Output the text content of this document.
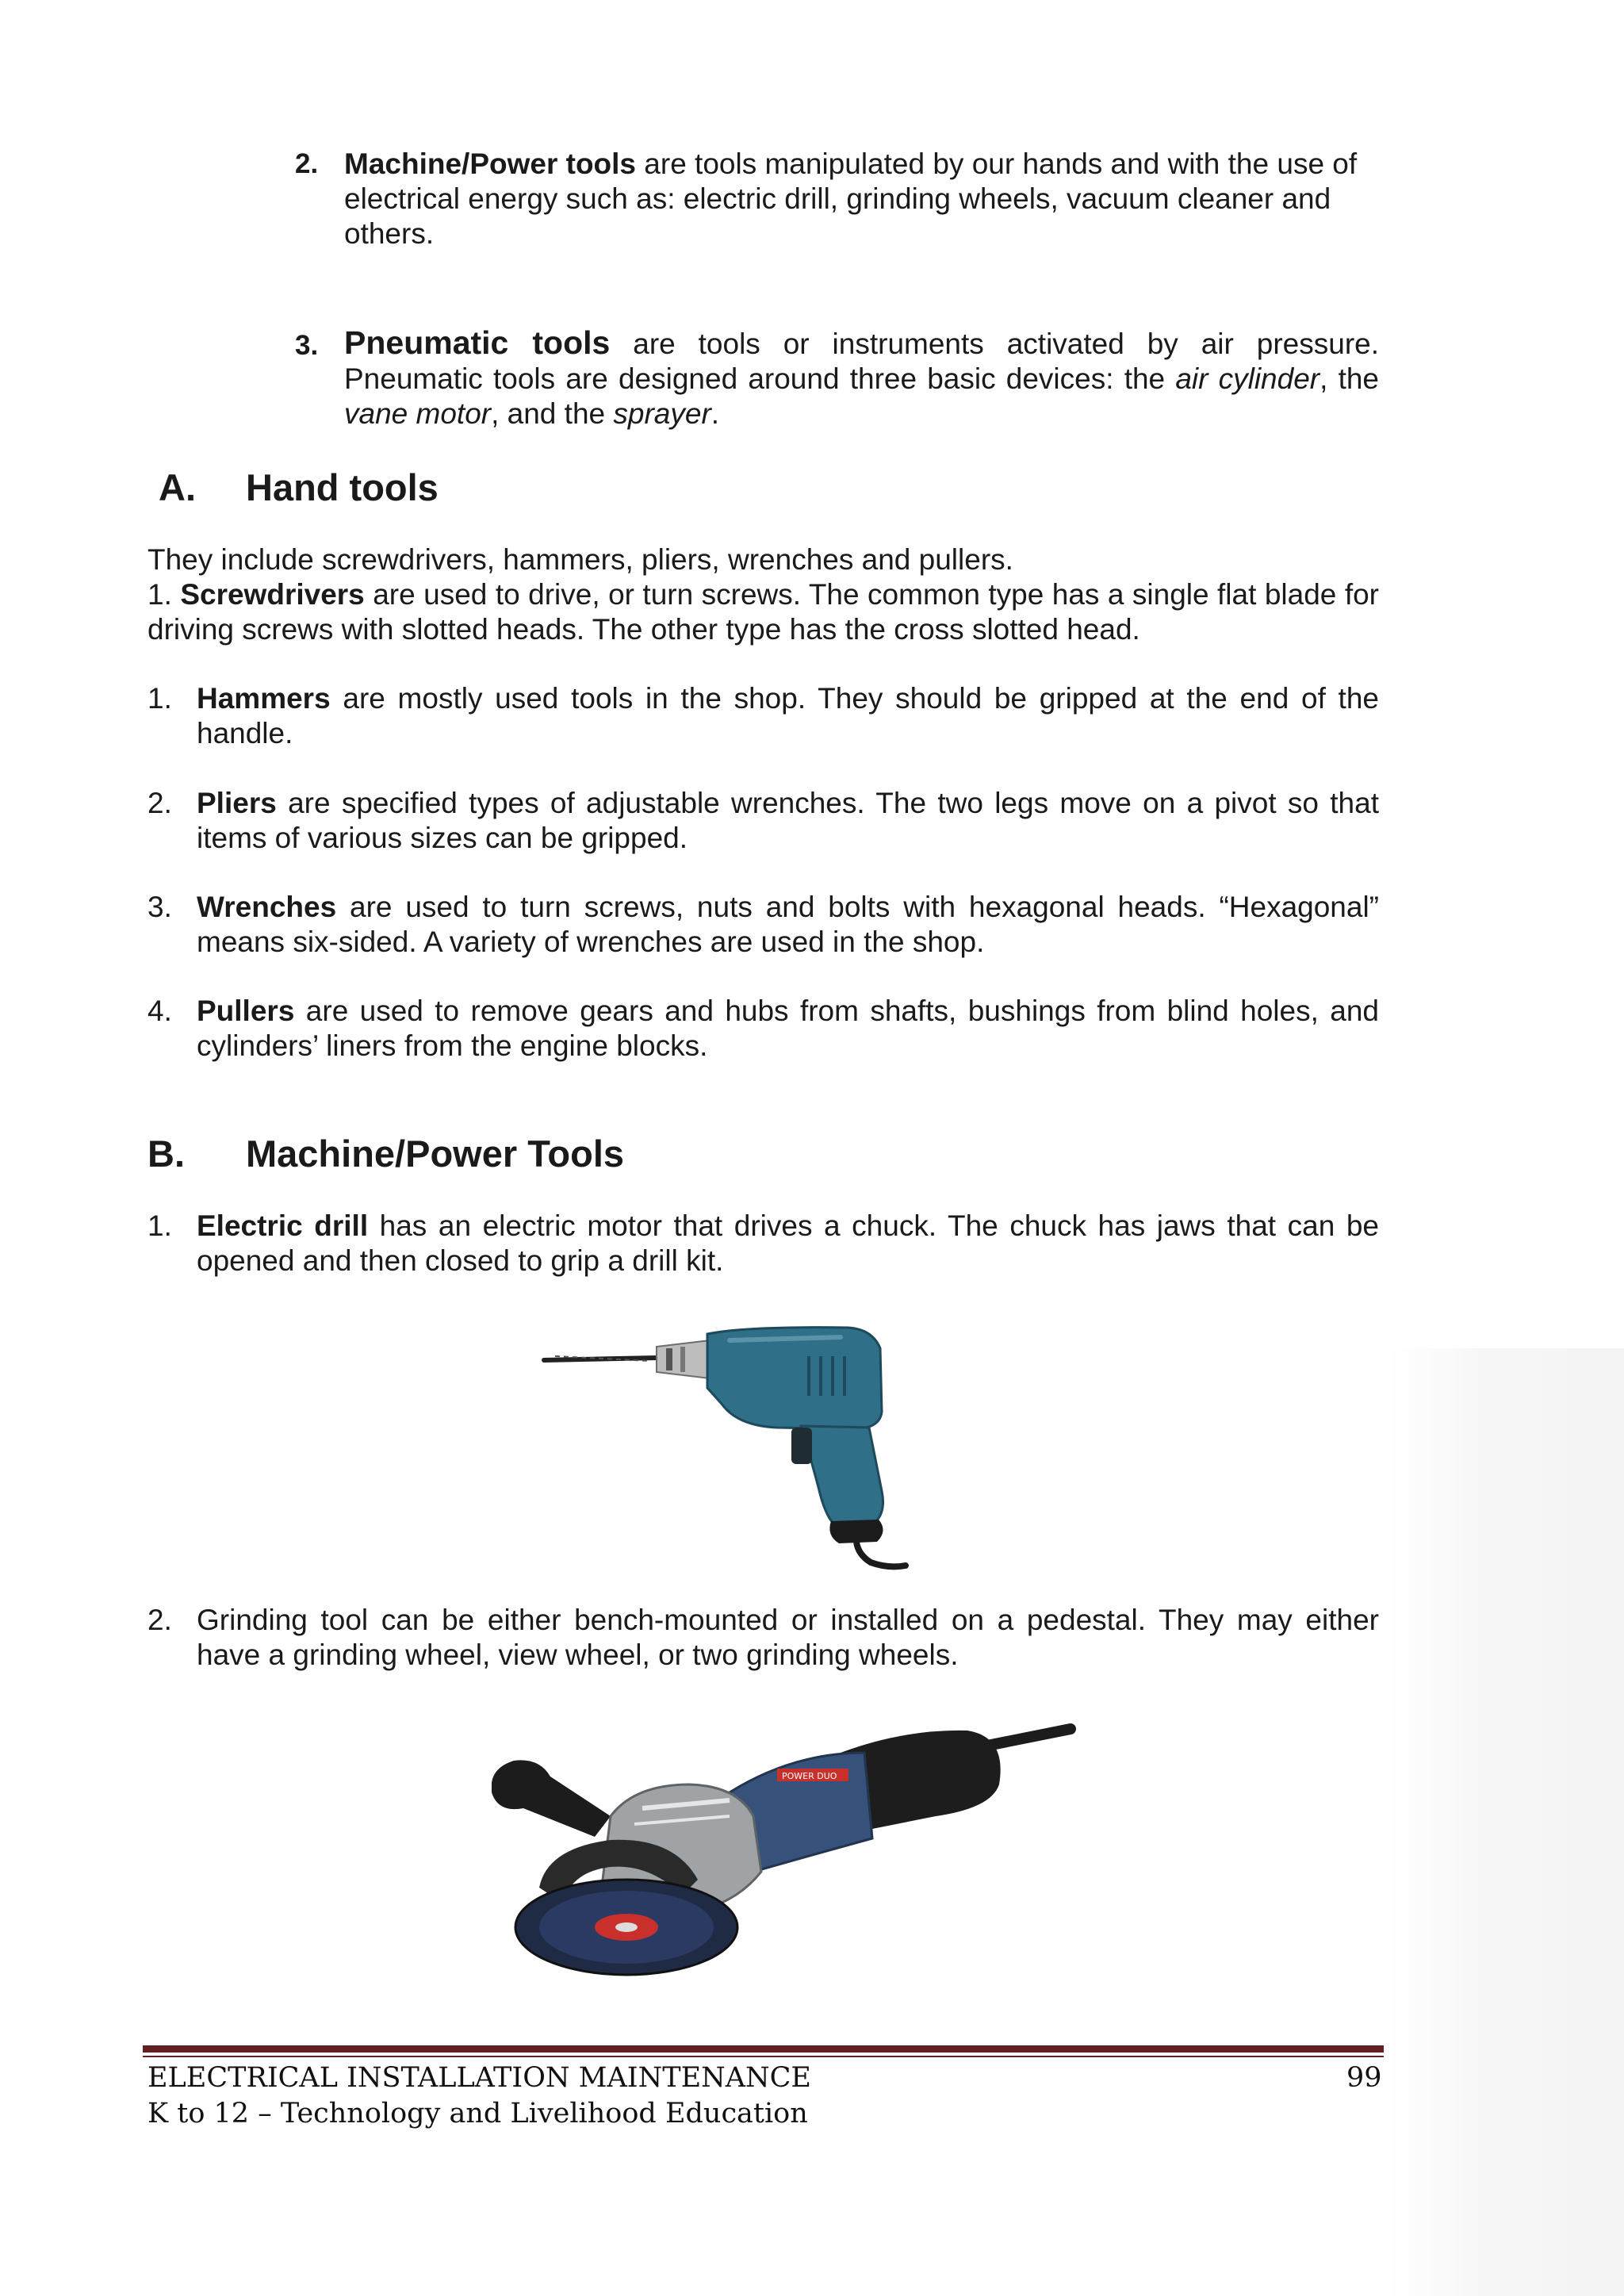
2. Machine/Power tools are tools manipulated by our hands and with the use of electrical energy such as: electric drill, grinding wheels, vacuum cleaner and others.

3. Pneumatic tools are tools or instruments activated by air pressure. Pneumatic tools are designed around three basic devices: the air cylinder, the vane motor, and the sprayer.

A. Hand tools

They include screwdrivers, hammers, pliers, wrenches and pullers.

1. Screwdrivers are used to drive, or turn screws. The common type has a single flat blade for driving screws with slotted heads. The other type has the cross slotted head.

1. Hammers are mostly used tools in the shop. They should be gripped at the end of the handle.

2. Pliers are specified types of adjustable wrenches. The two legs move on a pivot so that items of various sizes can be gripped.

3. Wrenches are used to turn screws, nuts and bolts with hexagonal heads. “Hexagonal” means six-sided. A variety of wrenches are used in the shop.

4. Pullers are used to remove gears and hubs from shafts, bushings from blind holes, and cylinders’ liners from the engine blocks.

B. Machine/Power Tools
1. Electric drill has an electric motor that drives a chuck. The chuck has jaws that can be opened and then closed to grip a drill kit.

2. Grinding tool can be either bench-mounted or installed on a pedestal. They may either have a grinding wheel, view wheel, or two grinding wheels.

POWER DUO
ELECTRICAL INSTALLATION MAINTENANCE
K to 12 – Technology and Livelihood Education
99
